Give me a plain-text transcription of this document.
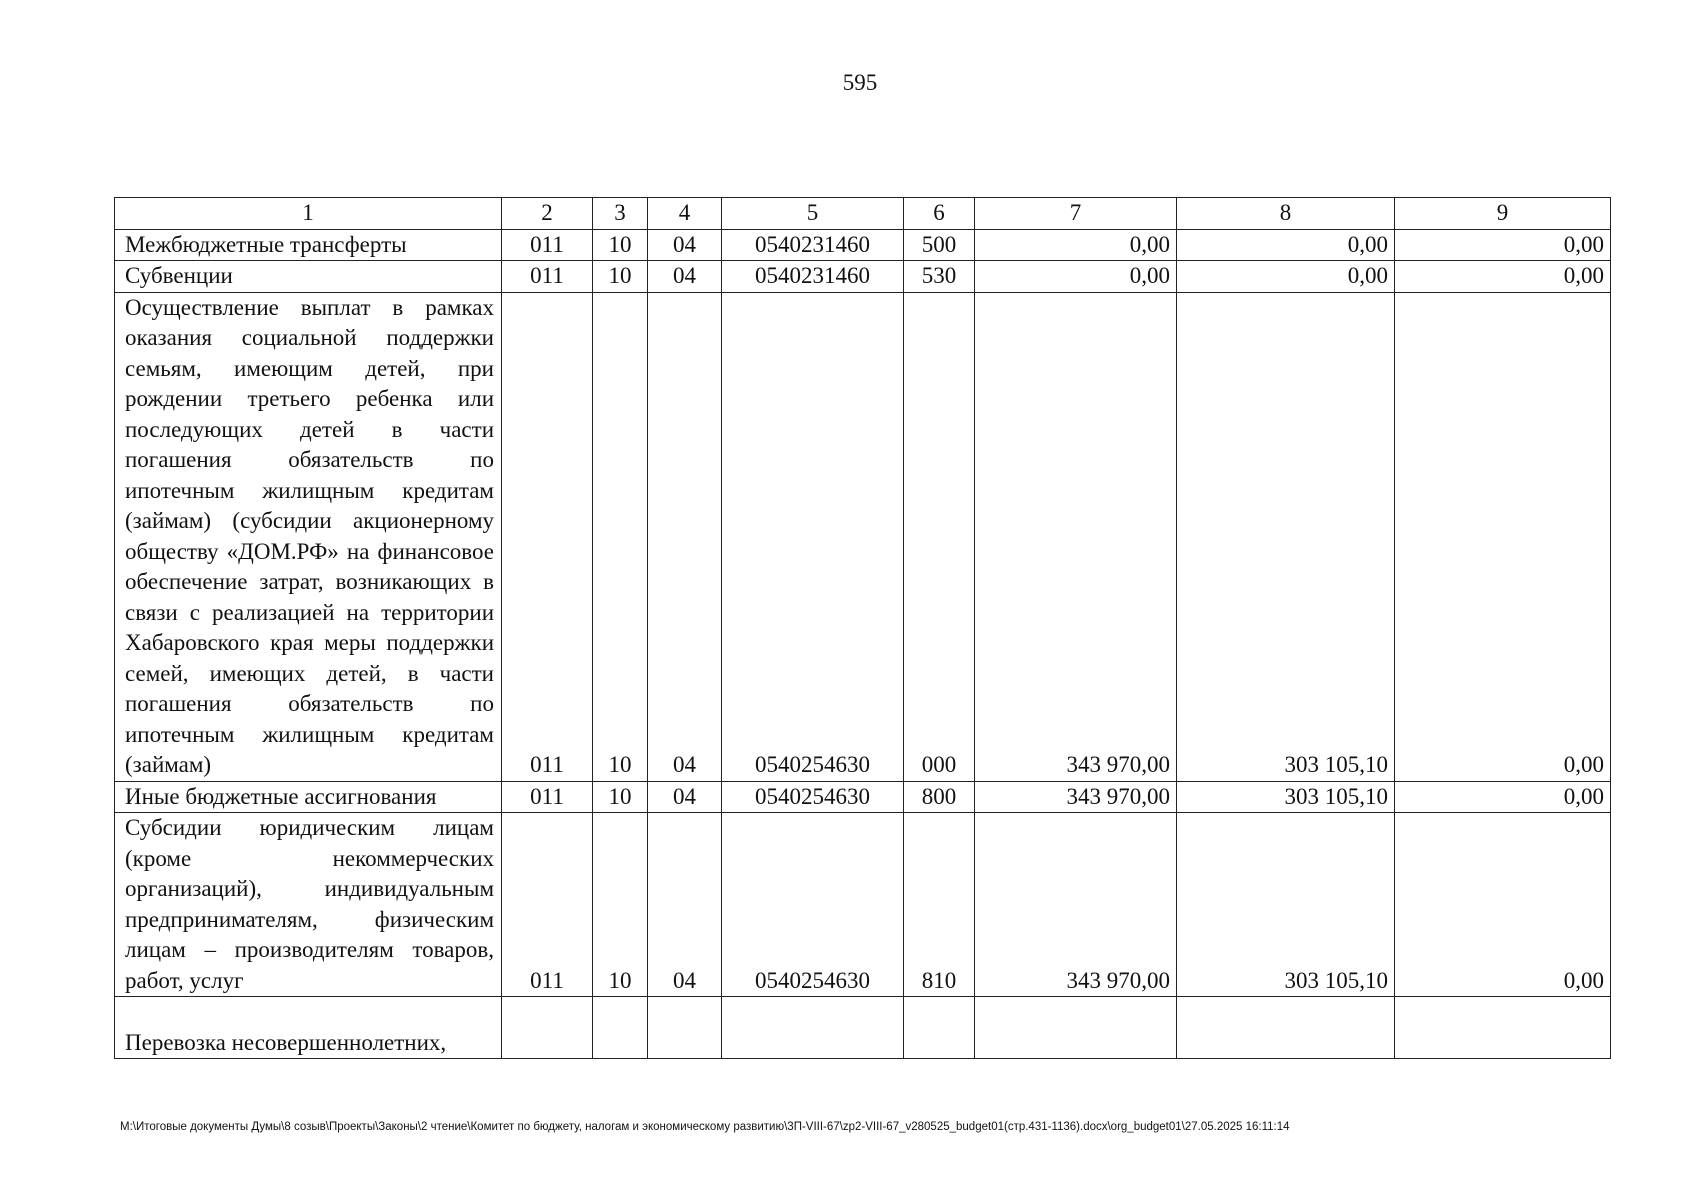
595
1	2	3	4	5	6	7	8	9
Межбюджетные трансферты	011	10	04	0540231460	500	0,00	0,00	0,00
Субвенции	011	10	04	0540231460	530	0,00	0,00	0,00
Осуществление выплат в рамках оказания социальной поддержки семьям, имеющим детей, при рождении третьего ребенка или последующих детей в части погашения обязательств по ипотечным жилищным кредитам (займам) (субсидии акционерному обществу «ДОМ.РФ» на финансовое обеспечение затрат, возникающих в связи с реализацией на территории Хабаровского края меры поддержки семей, имеющих детей, в части погашения обязательств по ипотечным жилищным кредитам (займам)	011	10	04	0540254630	000	343 970,00	303 105,10	0,00
Иные бюджетные ассигнования	011	10	04	0540254630	800	343 970,00	303 105,10	0,00
Субсидии юридическим лицам (кроме некоммерческих организаций), индивидуальным предпринимателям, физическим лицам – производителям товаров, работ, услуг	011	10	04	0540254630	810	343 970,00	303 105,10	0,00
Перевозка несовершеннолетних,								
М:\Итоговые документы Думы\8 созыв\Проекты\Законы\2 чтение\Комитет по бюджету, налогам и экономическому развитию\3П-VIII-67\zp2-VIII-67_v280525_budget01(стр.431-1136).docx\org_budget01\27.05.2025 16:11:14
